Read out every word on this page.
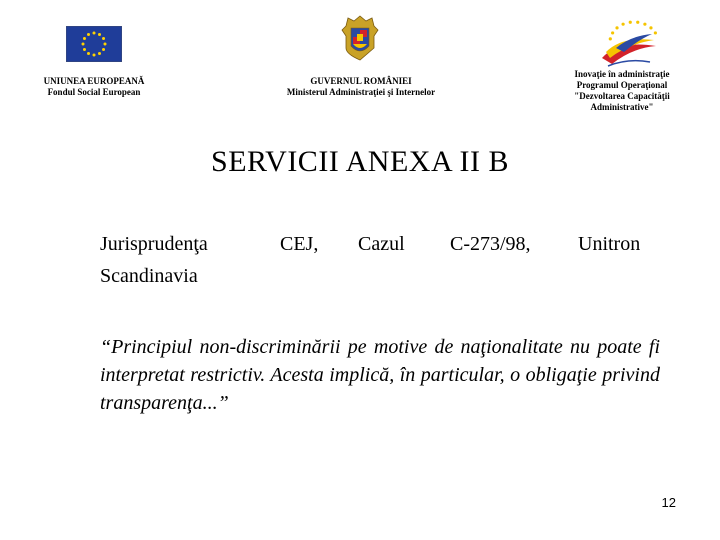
UNIUNEA EUROPEANĂ
Fondul Social European
GUVERNUL ROMÂNIEI
Ministerul Administraţiei şi Internelor
Inovaţie în administraţie
Programul Operaţional
"Dezvoltarea Capacităţii
Administrative"
SERVICII ANEXA II B
Jurisprudenţa
Scandinavia
CEJ, Cazul C-273/98, Unitron
“Principiul non-discriminării pe motive de naţionalitate nu poate fi interpretat restrictiv. Acesta implică, în particular, o obligaţie privind transparenţa...”
12
